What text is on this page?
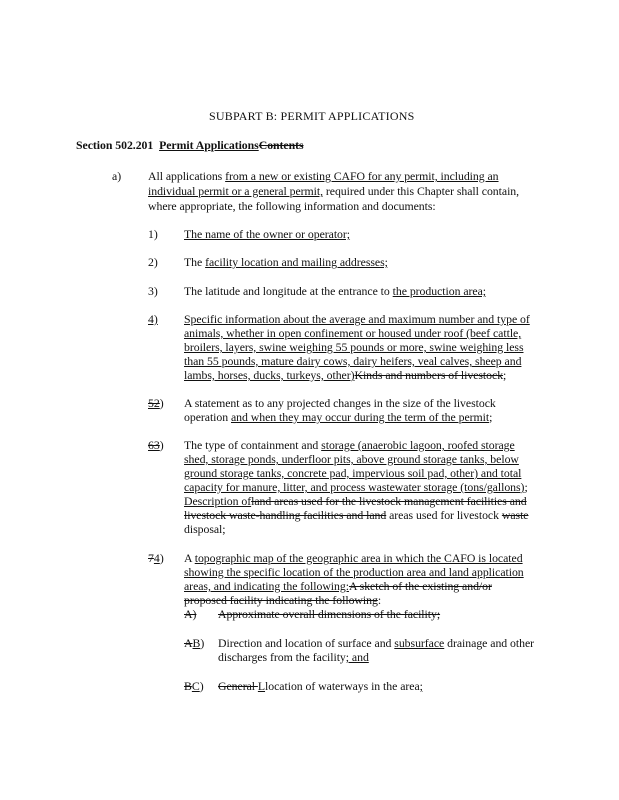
SUBPART B: PERMIT APPLICATIONS
Section 502.201 Permit ApplicationsContents
a) All applications from a new or existing CAFO for any permit, including an
individual permit or a general permit, required under this Chapter shall contain,
where appropriate, the following information and documents:
1) The name of the owner or operator;
2) The facility location and mailing addresses;
3) The latitude and longitude at the entrance to the production area;
4) Specific information about the average and maximum number and type of
animals, whether in open confinement or housed under roof (beef cattle,
broilers, layers, swine weighing 55 pounds or more, swine weighing less
than 55 pounds, mature dairy cows, dairy heifers, veal calves, sheep and
lambs, horses, ducks, turkeys, other)Kinds and numbers of livestock;
52) A statement as to any projected changes in the size of the livestock
operation and when they may occur during the term of the permit;
63) The type of containment and storage (anaerobic lagoon, roofed storage
shed, storage ponds, underfloor pits, above ground storage tanks, below
ground storage tanks, concrete pad, impervious soil pad, other) and total
capacity for manure, litter, and process wastewater storage (tons/gallons);
Description ofland areas used for the livestock management facilities and
livestock waste-handling facilities and land areas used for livestock waste
disposal;
74) A topographic map of the geographic area in which the CAFO is located
showing the specific location of the production area and land application
areas, and indicating the following:A sketch of the existing and/or
proposed facility indicating the following:
A) Approximate overall dimensions of the facility;
AB) Direction and location of surface and subsurface drainage and other
discharges from the facility; and
BC) General Llocation of waterways in the area;
